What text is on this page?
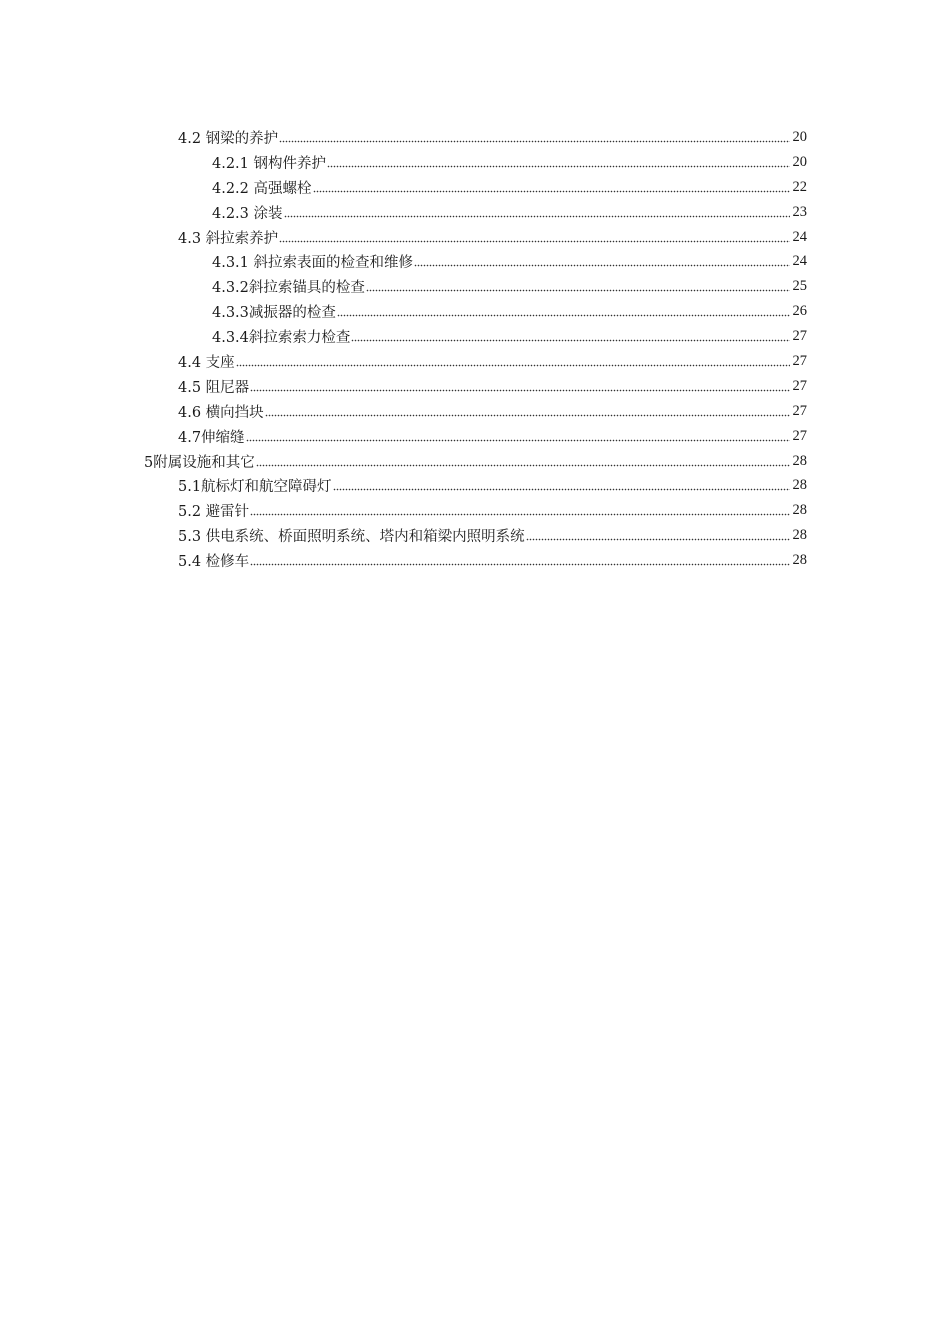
4.2 钢梁的养护	20
4.2.1 钢构件养护	20
4.2.2 高强螺栓	22
4.2.3 涂装	23
4.3 斜拉索养护	24
4.3.1 斜拉索表面的检查和维修	24
4.3.2斜拉索锚具的检查	25
4.3.3减振器的检查	26
4.3.4斜拉索索力检查	27
4.4 支座	27
4.5 阻尼器	27
4.6 横向挡块	27
4.7伸缩缝	27
5附属设施和其它	28
5.1航标灯和航空障碍灯	28
5.2 避雷针	28
5.3 供电系统、桥面照明系统、塔内和箱梁内照明系统	28
5.4 检修车	28
